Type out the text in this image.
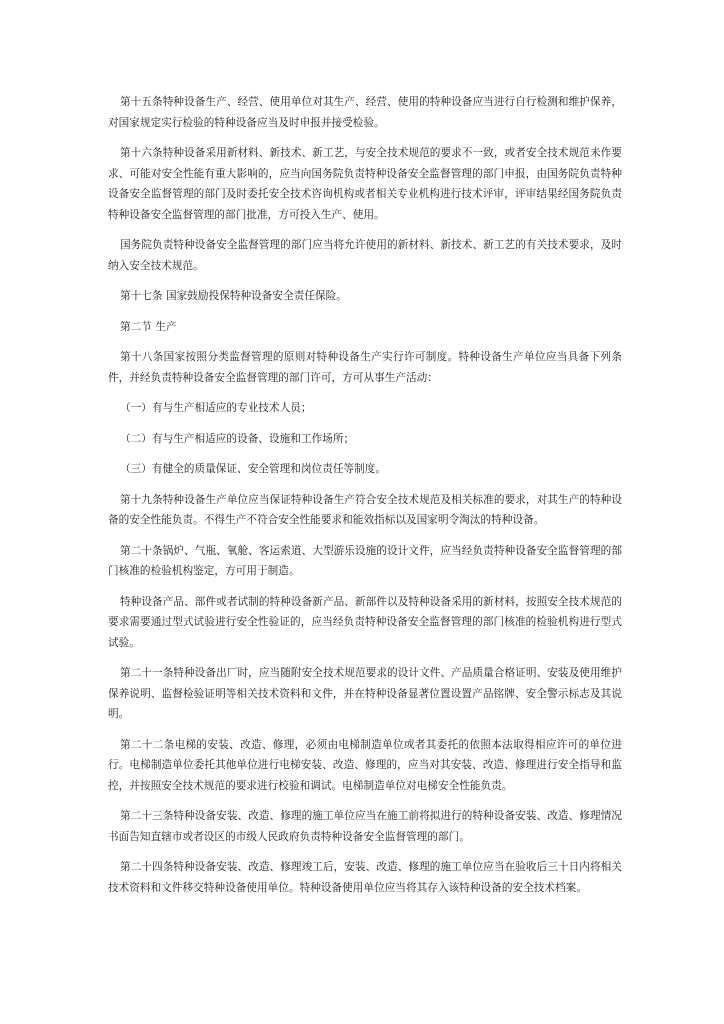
第十五条特种设备生产、经营、使用单位对其生产、经营、使用的特种设备应当进行自行检测和维护保养，对国家规定实行检验的特种设备应当及时申报并接受检验。

第十六条特种设备采用新材料、新技术、新工艺，与安全技术规范的要求不一致，或者安全技术规范未作要求、可能对安全性能有重大影响的，应当向国务院负责特种设备安全监督管理的部门申报，由国务院负责特种设备安全监督管理的部门及时委托安全技术咨询机构或者相关专业机构进行技术评审，评审结果经国务院负责特种设备安全监督管理的部门批准，方可投入生产、使用。

国务院负责特种设备安全监督管理的部门应当将允许使用的新材料、新技术、新工艺的有关技术要求，及时纳入安全技术规范。

第十七条 国家鼓励投保特种设备安全责任保险。

第二节 生产

第十八条国家按照分类监督管理的原则对特种设备生产实行许可制度。特种设备生产单位应当具备下列条件，并经负责特种设备安全监督管理的部门许可，方可从事生产活动：

（一）有与生产相适应的专业技术人员；

（二）有与生产相适应的设备、设施和工作场所；

（三）有健全的质量保证、安全管理和岗位责任等制度。

第十九条特种设备生产单位应当保证特种设备生产符合安全技术规范及相关标准的要求，对其生产的特种设备的安全性能负责。不得生产不符合安全性能要求和能效指标以及国家明令淘汰的特种设备。

第二十条锅炉、气瓶、氧舱、客运索道、大型游乐设施的设计文件，应当经负责特种设备安全监督管理的部门核准的检验机构鉴定，方可用于制造。

特种设备产品、部件或者试制的特种设备新产品、新部件以及特种设备采用的新材料，按照安全技术规范的要求需要通过型式试验进行安全性验证的，应当经负责特种设备安全监督管理的部门核准的检验机构进行型式试验。

第二十一条特种设备出厂时，应当随附安全技术规范要求的设计文件、产品质量合格证明、安装及使用维护保养说明、监督检验证明等相关技术资料和文件，并在特种设备显著位置设置产品铭牌、安全警示标志及其说明。

第二十二条电梯的安装、改造、修理，必须由电梯制造单位或者其委托的依照本法取得相应许可的单位进行。电梯制造单位委托其他单位进行电梯安装、改造、修理的，应当对其安装、改造、修理进行安全指导和监控，并按照安全技术规范的要求进行校验和调试。电梯制造单位对电梯安全性能负责。

第二十三条特种设备安装、改造、修理的施工单位应当在施工前将拟进行的特种设备安装、改造、修理情况书面告知直辖市或者设区的市级人民政府负责特种设备安全监督管理的部门。

第二十四条特种设备安装、改造、修理竣工后，安装、改造、修理的施工单位应当在验收后三十日内将相关技术资料和文件移交特种设备使用单位。特种设备使用单位应当将其存入该特种设备的安全技术档案。
